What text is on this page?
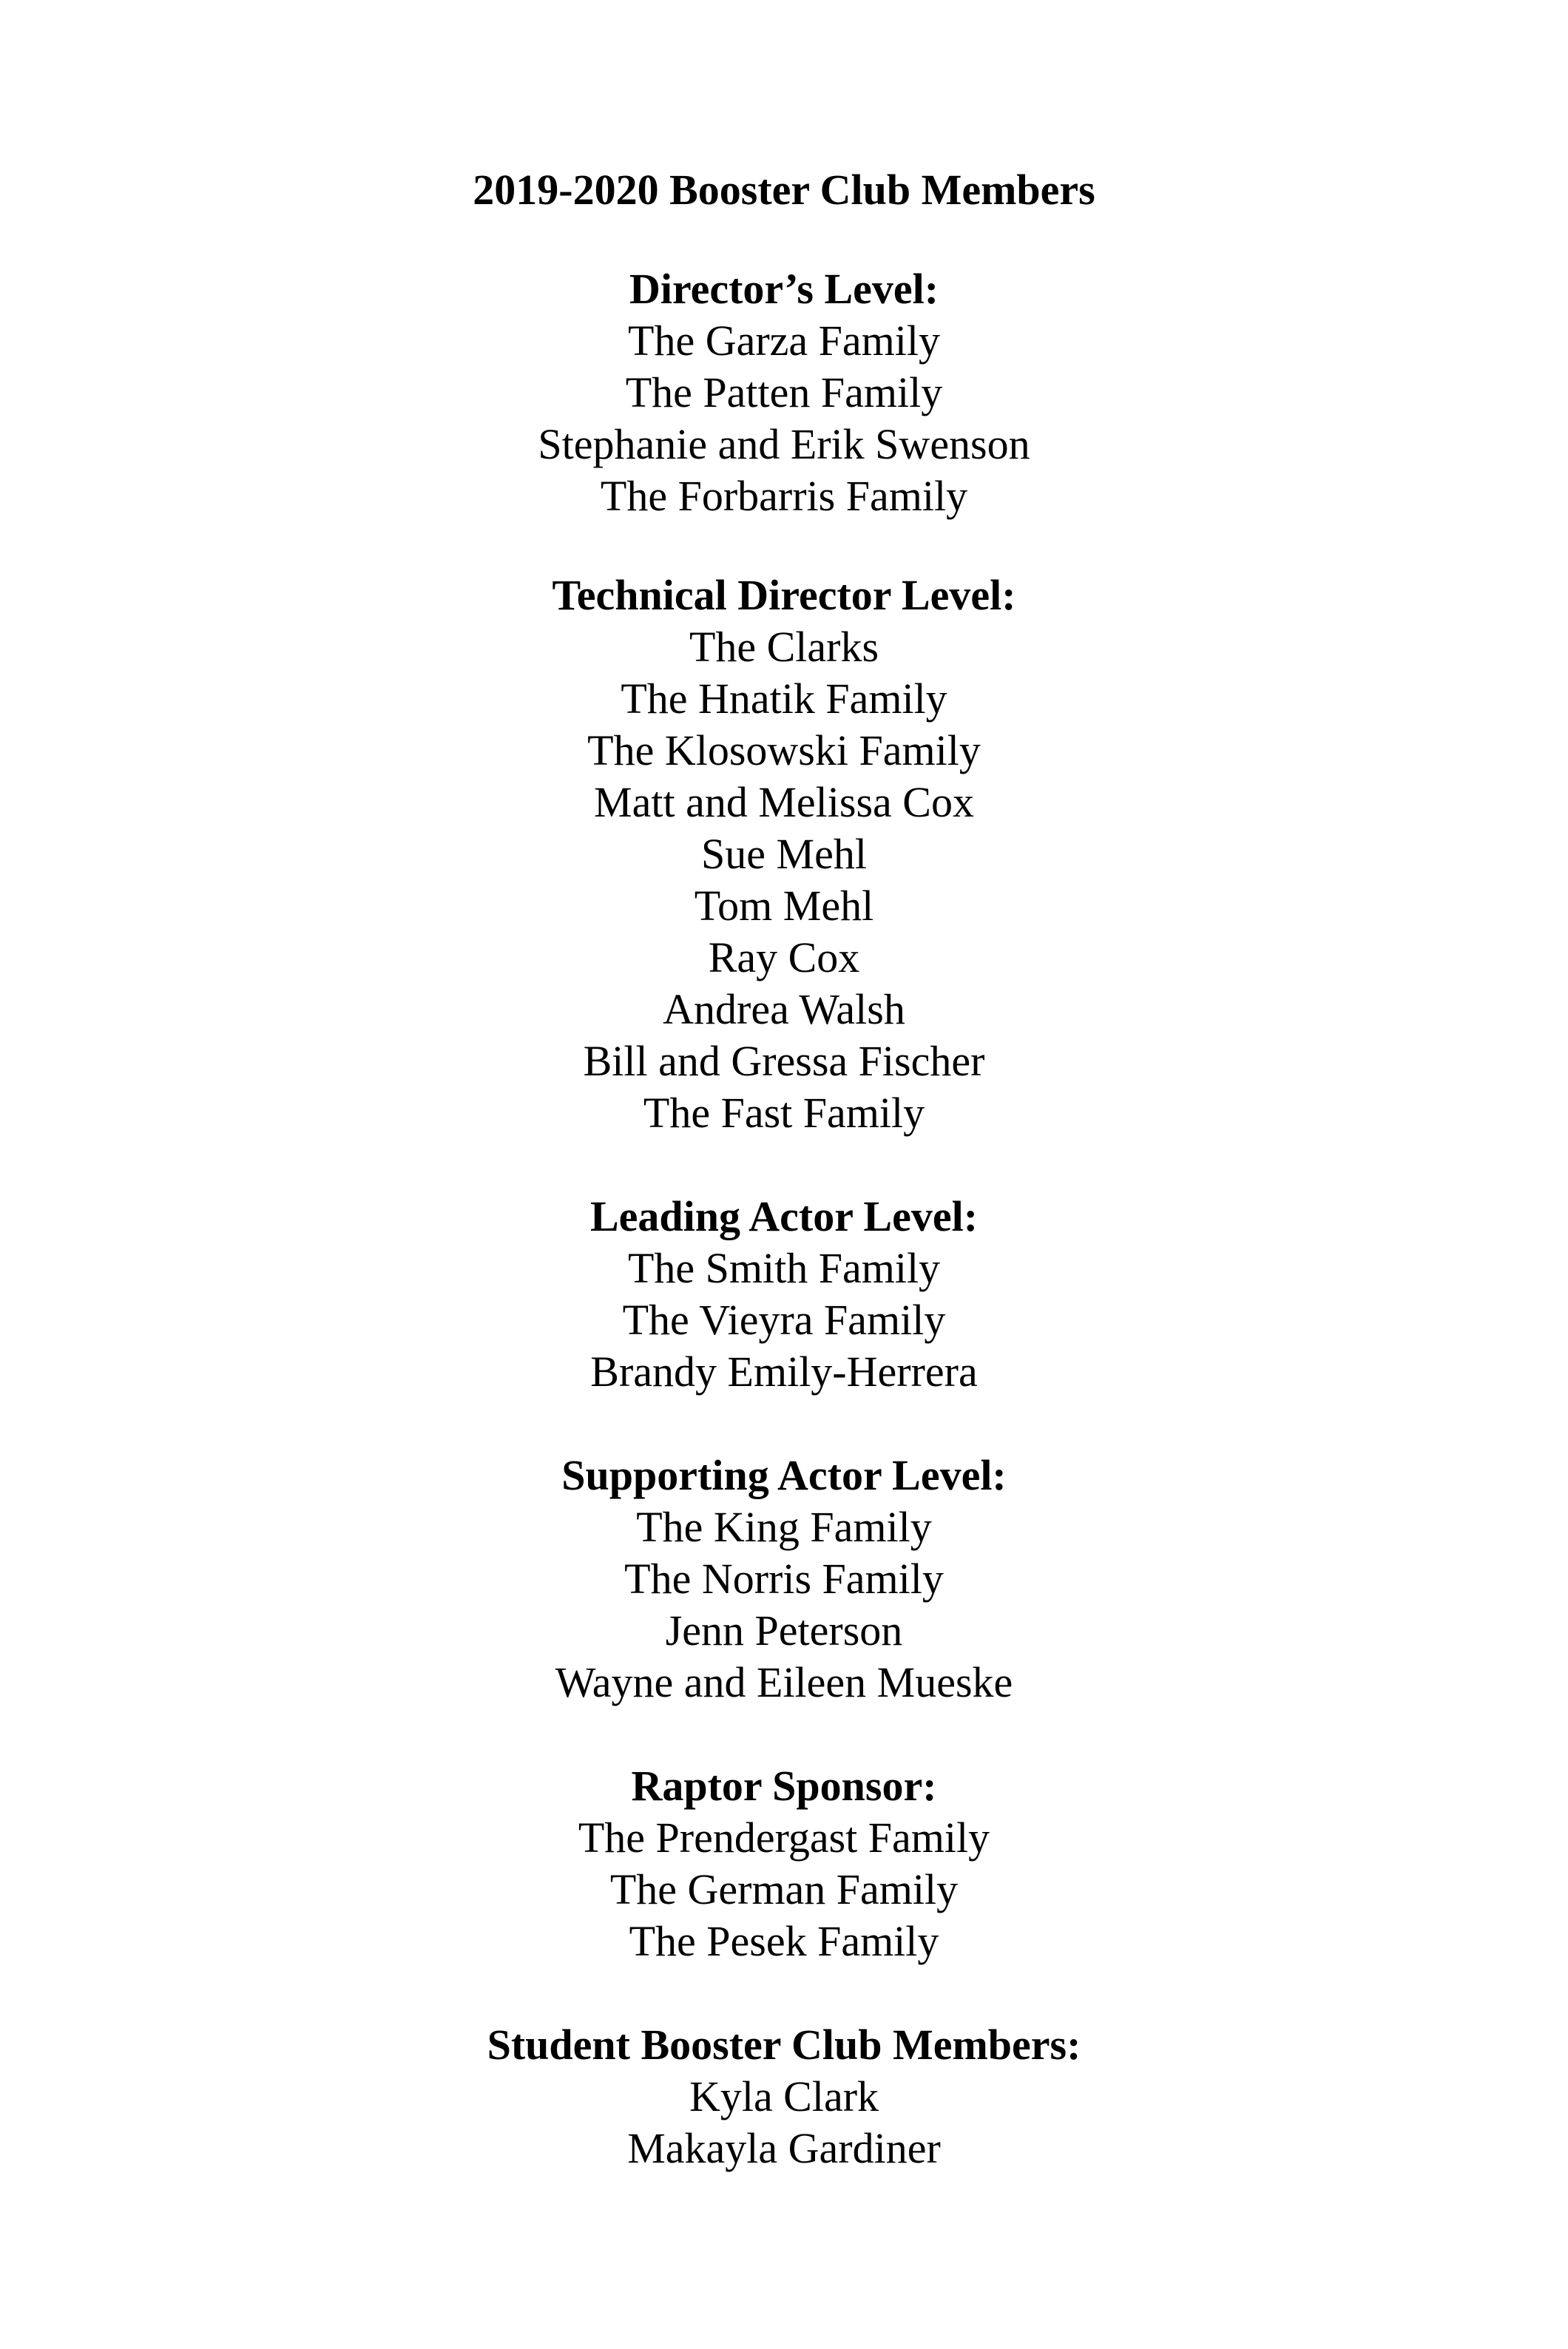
2019-2020 Booster Club Members
Director’s Level:

The Garza Family

The Patten Family

Stephanie and Erik Swenson

The Forbarris Family

Technical Director Level:

The Clarks

The Hnatik Family

The Klosowski Family

Matt and Melissa Cox

Sue Mehl

Tom Mehl

Ray Cox

Andrea Walsh

Bill and Gressa Fischer

The Fast Family

Leading Actor Level:

The Smith Family

The Vieyra Family

Brandy Emily-Herrera

Supporting Actor Level:

The King Family

The Norris Family

Jenn Peterson

Wayne and Eileen Mueske

Raptor Sponsor:

The Prendergast Family

The German Family

The Pesek Family

Student Booster Club Members:

Kyla Clark

Makayla Gardiner
